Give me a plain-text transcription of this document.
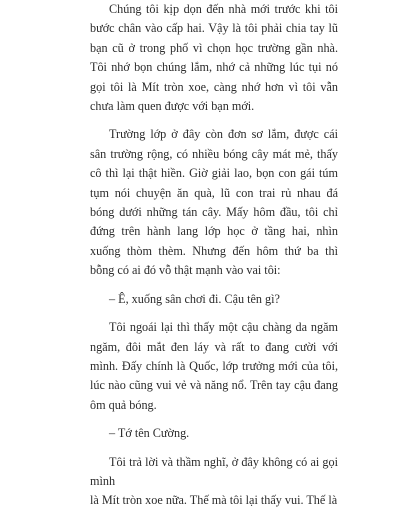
Chúng tôi kịp dọn đến nhà mới trước khi tôi bước chân vào cấp hai. Vậy là tôi phải chia tay lũ bạn cũ ở trong phố vì chọn học trường gần nhà. Tôi nhớ bọn chúng lắm, nhớ cả những lúc tụi nó gọi tôi là Mít tròn xoe, càng nhớ hơn vì tôi vẫn chưa làm quen được với bạn mới.

Trường lớp ở đây còn đơn sơ lắm, được cái sân trường rộng, có nhiều bóng cây mát mẻ, thấy cô thì lại thật hiền. Giờ giải lao, bọn con gái túm tụm nói chuyện ăn quà, lũ con trai rủ nhau đá bóng dưới những tán cây. Mấy hôm đầu, tôi chỉ đứng trên hành lang lớp học ở tầng hai, nhìn xuống thòm thèm. Nhưng đến hôm thứ ba thì bỗng có ai đó vỗ thật mạnh vào vai tôi:

– Ê, xuống sân chơi đi. Cậu tên gì?

Tôi ngoái lại thì thấy một cậu chàng da ngăm ngăm, đôi mắt đen láy và rất to đang cười với mình. Đấy chính là Quốc, lớp trưởng mới của tôi, lúc nào cũng vui vẻ và năng nổ. Trên tay cậu đang ôm quả bóng.

– Tớ tên Cường.

Tôi trả lời và thầm nghĩ, ở đây không có ai gọi mình

là Mít tròn xoe nữa. Thế mà tôi lại thấy vui. Thế là
